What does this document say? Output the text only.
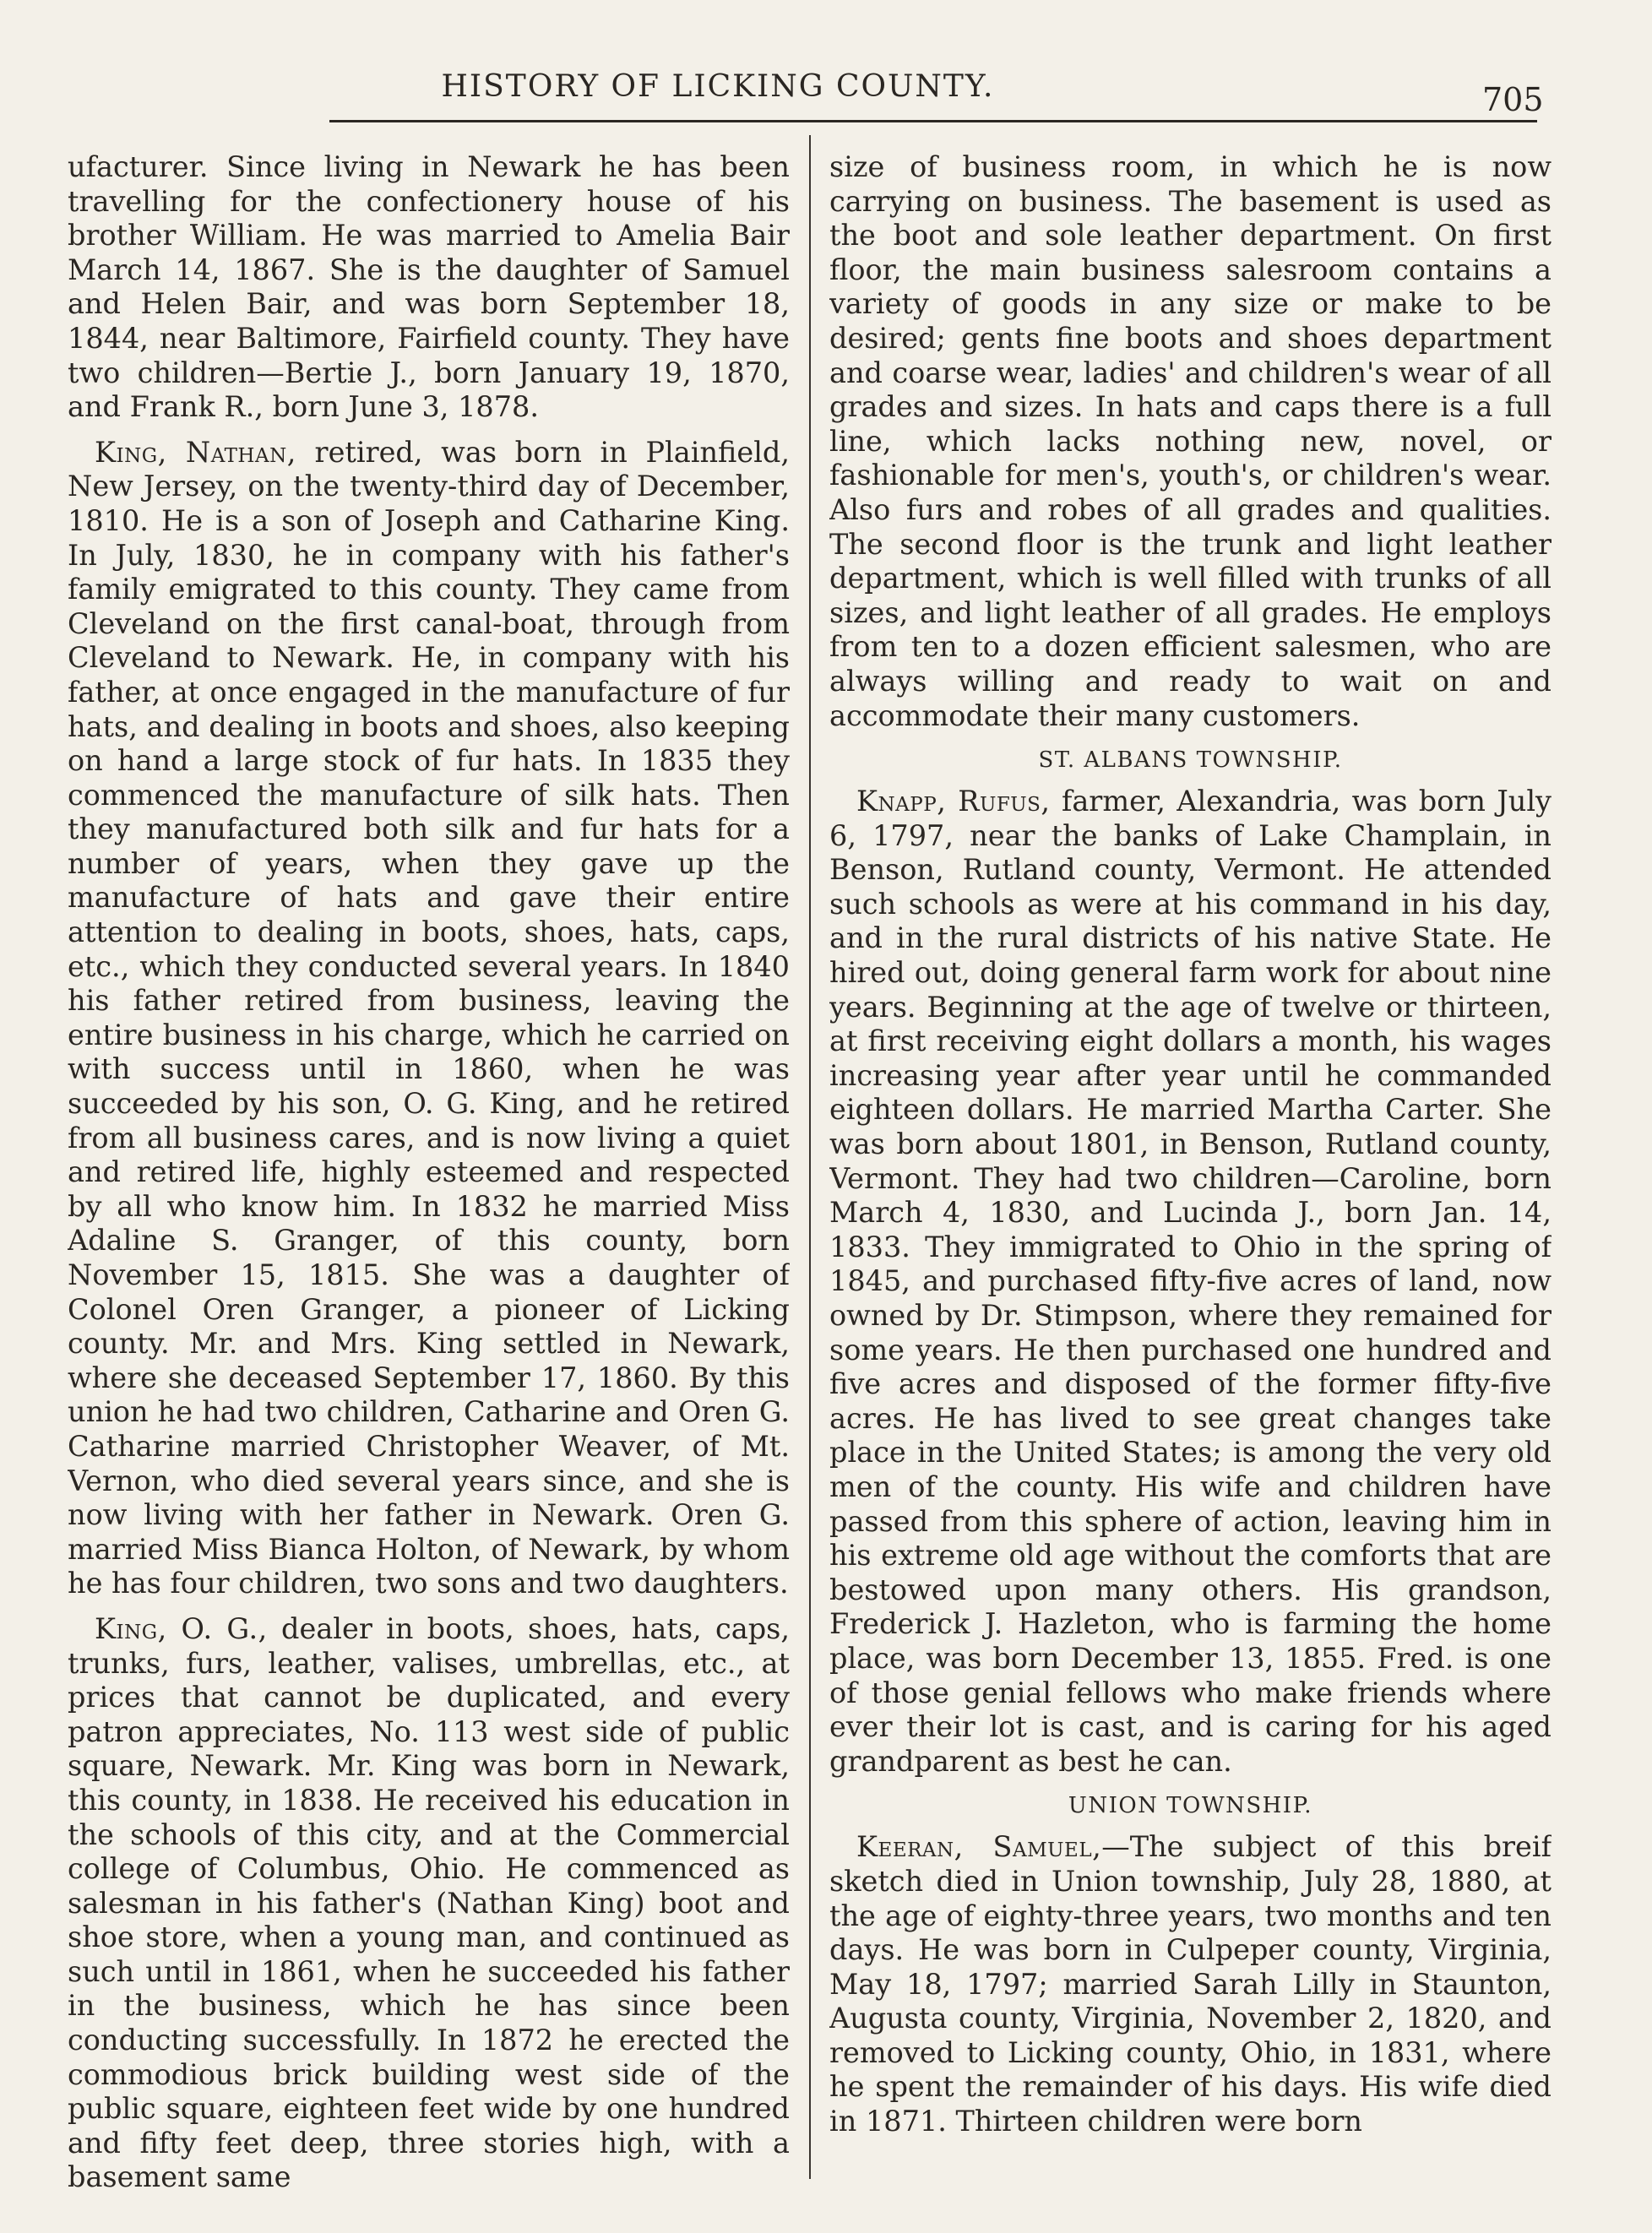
HISTORY OF LICKING COUNTY.	705

ufacturer. Since living in Newark he has been travelling for the confectionery house of his brother William. He was married to Amelia Bair March 14, 1867. She is the daughter of Samuel and Helen Bair, and was born September 18, 1844, near Baltimore, Fairfield county. They have two children—Bertie J., born January 19, 1870, and Frank R., born June 3, 1878.

King, Nathan, retired, was born in Plainfield, New Jersey, on the twenty-third day of December, 1810. He is a son of Joseph and Catharine King. In July, 1830, he in company with his father's family emigrated to this county. They came from Cleveland on the first canal-boat, through from Cleveland to Newark. He, in company with his father, at once engaged in the manufacture of fur hats, and dealing in boots and shoes, also keeping on hand a large stock of fur hats. In 1835 they commenced the manufacture of silk hats. Then they manufactured both silk and fur hats for a number of years, when they gave up the manufacture of hats and gave their entire attention to dealing in boots, shoes, hats, caps, etc., which they conducted several years. In 1840 his father retired from business, leaving the entire business in his charge, which he carried on with success until in 1860, when he was succeeded by his son, O. G. King, and he retired from all business cares, and is now living a quiet and retired life, highly esteemed and respected by all who know him. In 1832 he married Miss Adaline S. Granger, of this county, born November 15, 1815. She was a daughter of Colonel Oren Granger, a pioneer of Licking county. Mr. and Mrs. King settled in Newark, where she deceased September 17, 1860. By this union he had two children, Catharine and Oren G. Catharine married Christopher Weaver, of Mt. Vernon, who died several years since, and she is now living with her father in Newark. Oren G. married Miss Bianca Holton, of Newark, by whom he has four children, two sons and two daughters.

King, O. G., dealer in boots, shoes, hats, caps, trunks, furs, leather, valises, umbrellas, etc., at prices that cannot be duplicated, and every patron appreciates, No. 113 west side of public square, Newark. Mr. King was born in Newark, this county, in 1838. He received his education in the schools of this city, and at the Commercial college of Columbus, Ohio. He commenced as salesman in his father's (Nathan King) boot and shoe store, when a young man, and continued as such until in 1861, when he succeeded his father in the business, which he has since been conducting successfully. In 1872 he erected the commodious brick building west side of the public square, eighteen feet wide by one hundred and fifty feet deep, three stories high, with a basement same

size of business room, in which he is now carrying on business. The basement is used as the boot and sole leather department. On first floor, the main business salesroom contains a variety of goods in any size or make to be desired; gents fine boots and shoes department and coarse wear, ladies' and children's wear of all grades and sizes. In hats and caps there is a full line, which lacks nothing new, novel, or fashionable for men's, youth's, or children's wear. Also furs and robes of all grades and qualities. The second floor is the trunk and light leather department, which is well filled with trunks of all sizes, and light leather of all grades. He employs from ten to a dozen efficient salesmen, who are always willing and ready to wait on and accommodate their many customers.

ST. ALBANS TOWNSHIP.

Knapp, Rufus, farmer, Alexandria, was born July 6, 1797, near the banks of Lake Champlain, in Benson, Rutland county, Vermont. He attended such schools as were at his command in his day, and in the rural districts of his native State. He hired out, doing general farm work for about nine years. Beginning at the age of twelve or thirteen, at first receiving eight dollars a month, his wages increasing year after year until he commanded eighteen dollars. He married Martha Carter. She was born about 1801, in Benson, Rutland county, Vermont. They had two children—Caroline, born March 4, 1830, and Lucinda J., born Jan. 14, 1833. They immigrated to Ohio in the spring of 1845, and purchased fifty-five acres of land, now owned by Dr. Stimpson, where they remained for some years. He then purchased one hundred and five acres and disposed of the former fifty-five acres. He has lived to see great changes take place in the United States; is among the very old men of the county. His wife and children have passed from this sphere of action, leaving him in his extreme old age without the comforts that are bestowed upon many others. His grandson, Frederick J. Hazleton, who is farming the home place, was born December 13, 1855. Fred. is one of those genial fellows who make friends where ever their lot is cast, and is caring for his aged grandparent as best he can.

UNION TOWNSHIP.

Keeran, Samuel,—The subject of this breif sketch died in Union township, July 28, 1880, at the age of eighty-three years, two months and ten days. He was born in Culpeper county, Virginia, May 18, 1797; married Sarah Lilly in Staunton, Augusta county, Virginia, November 2, 1820, and removed to Licking county, Ohio, in 1831, where he spent the remainder of his days. His wife died in 1871. Thirteen children were born
